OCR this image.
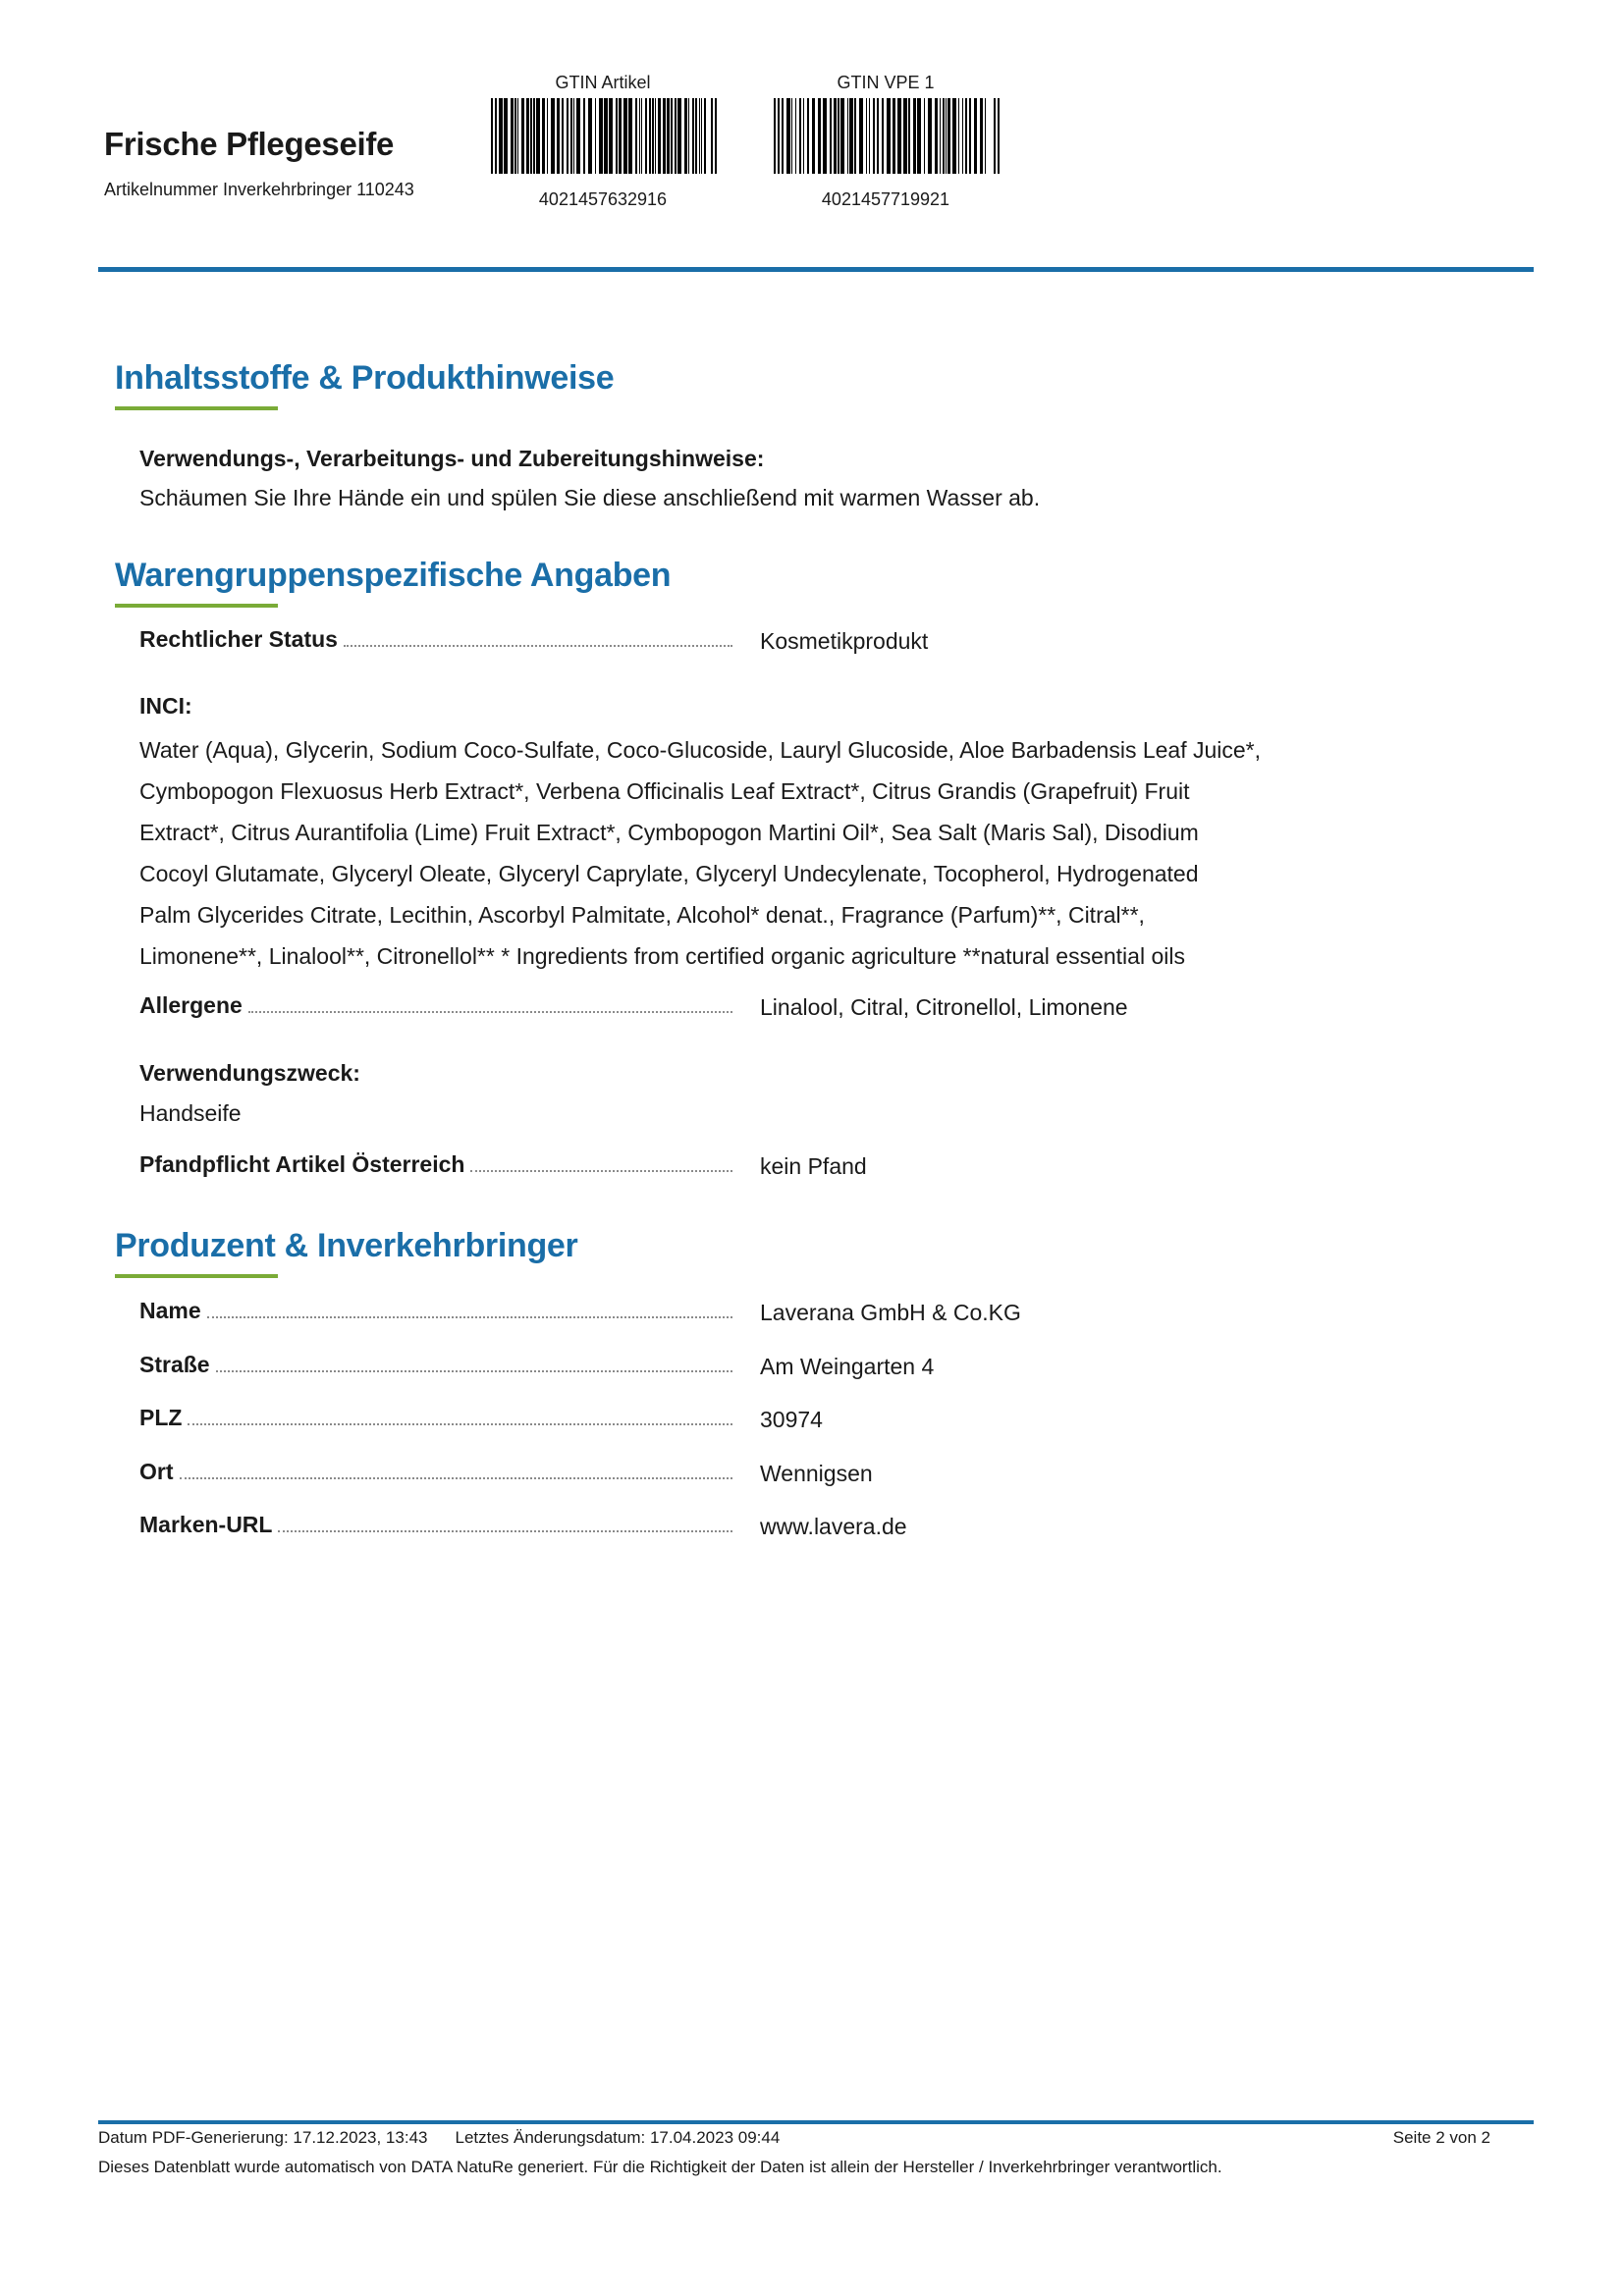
Frische Pflegeseife
Artikelnummer Inverkehrbringer 110243
GTIN Artikel
4021457632916
GTIN VPE 1
4021457719921
Inhaltsstoffe & Produkthinweise
Verwendungs-, Verarbeitungs- und Zubereitungshinweise:
Schäumen Sie Ihre Hände ein und spülen Sie diese anschließend mit warmen Wasser ab.
Warengruppenspezifische Angaben
Rechtlicher Status	Kosmetikprodukt
INCI:
Water (Aqua), Glycerin, Sodium Coco-Sulfate, Coco-Glucoside, Lauryl Glucoside, Aloe Barbadensis Leaf Juice*,
Cymbopogon Flexuosus Herb Extract*, Verbena Officinalis Leaf Extract*, Citrus Grandis (Grapefruit) Fruit
Extract*, Citrus Aurantifolia (Lime) Fruit Extract*, Cymbopogon Martini Oil*, Sea Salt (Maris Sal), Disodium
Cocoyl Glutamate, Glyceryl Oleate, Glyceryl Caprylate, Glyceryl Undecylenate, Tocopherol, Hydrogenated
Palm Glycerides Citrate, Lecithin, Ascorbyl Palmitate, Alcohol* denat., Fragrance (Parfum)**, Citral**,
Limonene**, Linalool**, Citronellol** * Ingredients from certified organic agriculture **natural essential oils
Allergene	Linalool, Citral, Citronellol, Limonene
Verwendungszweck:
Handseife
Pfandpflicht Artikel Österreich	kein Pfand
Produzent & Inverkehrbringer
Name	Laverana GmbH & Co.KG
Straße	Am Weingarten 4
PLZ	30974
Ort	Wennigsen
Marken-URL	www.lavera.de
Datum PDF-Generierung: 17.12.2023, 13:43 Letztes Änderungsdatum: 17.04.2023 09:44	Seite 2 von 2
Dieses Datenblatt wurde automatisch von DATA NatuRe generiert. Für die Richtigkeit der Daten ist allein der Hersteller / Inverkehrbringer verantwortlich.
